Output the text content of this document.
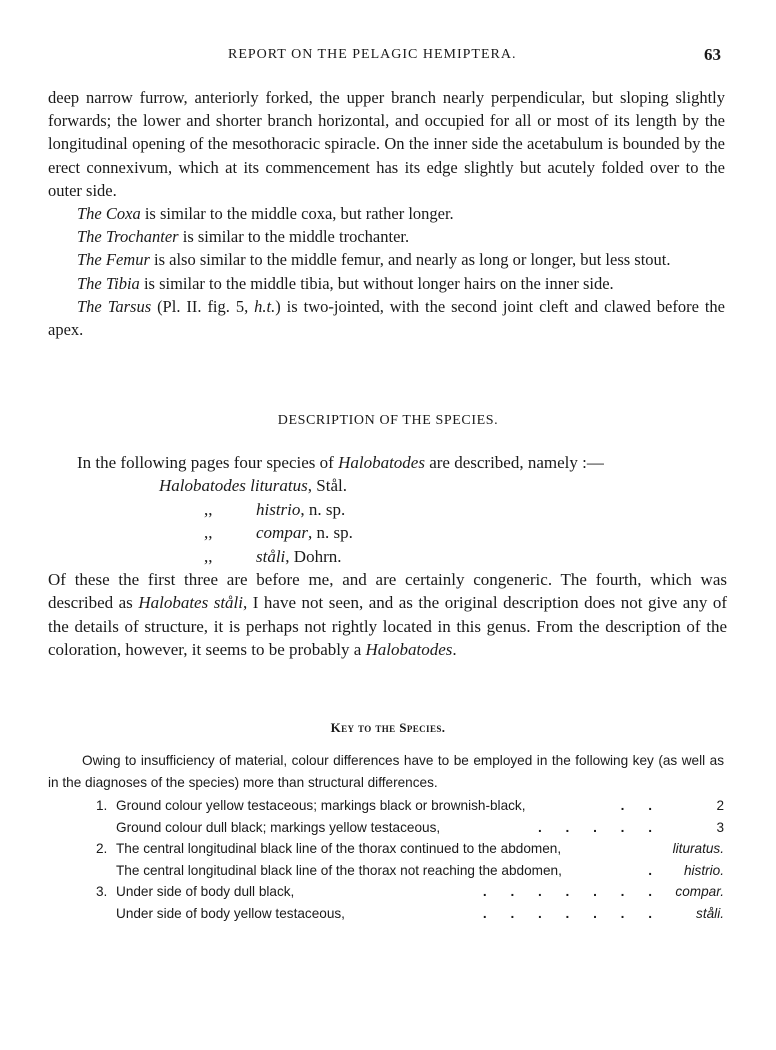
REPORT ON THE PELAGIC HEMIPTERA.	63

deep narrow furrow, anteriorly forked, the upper branch nearly perpendicular, but sloping slightly forwards; the lower and shorter branch horizontal, and occupied for all or most of its length by the longitudinal opening of the mesothoracic spiracle. On the inner side the acetabulum is bounded by the erect connexivum, which at its commencement has its edge slightly but acutely folded over to the outer side.

The Coxa is similar to the middle coxa, but rather longer.

The Trochanter is similar to the middle trochanter.

The Femur is also similar to the middle femur, and nearly as long or longer, but less stout.

The Tibia is similar to the middle tibia, but without longer hairs on the inner side.

The Tarsus (Pl. II. fig. 5, h.t.) is two-jointed, with the second joint cleft and clawed before the apex.

DESCRIPTION OF THE SPECIES.

In the following pages four species of Halobatodes are described, namely :—

Halobatodes lituratus, Stål.
,,	histrio, n. sp.
,,	compar, n. sp.
,,	ståli, Dohrn.

Of these the first three are before me, and are certainly congeneric. The fourth, which was described as Halobates ståli, I have not seen, and as the original description does not give any of the details of structure, it is perhaps not rightly located in this genus. From the description of the coloration, however, it seems to be probably a Halobatodes.

Key to the Species.

Owing to insufficiency of material, colour differences have to be employed in the following key (as well as in the diagnoses of the species) more than structural differences.

1. Ground colour yellow testaceous; markings black or brownish-black,	. .	2
Ground colour dull black; markings yellow testaceous,	. . . . .	3
2. The central longitudinal black line of the thorax continued to the abdomen,	lituratus.
The central longitudinal black line of the thorax not reaching the abdomen,	. histrio.
3. Under side of body dull black,	. . . . . . . compar.
Under side of body yellow testaceous,	. . . . . . .	ståli.
